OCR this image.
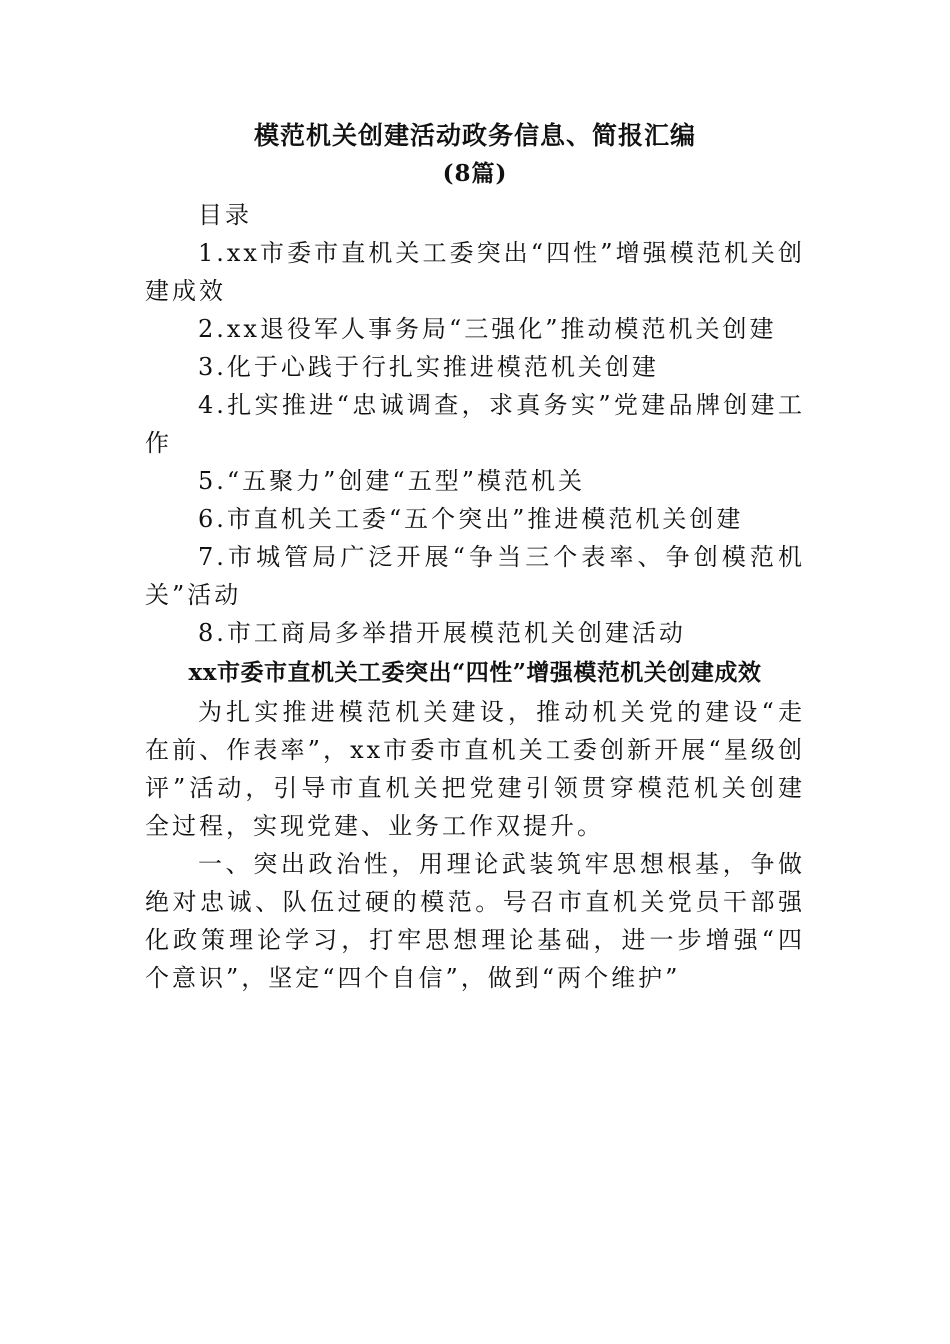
模范机关创建活动政务信息、简报汇编
(8篇)
目录
1.xx市委市直机关工委突出“四性”增强模范机关创建成效
2.xx退役军人事务局“三强化”推动模范机关创建
3.化于心践于行扎实推进模范机关创建
4.扎实推进“忠诚调查，求真务实”党建品牌创建工作
5.“五聚力”创建“五型”模范机关
6.市直机关工委“五个突出”推进模范机关创建
7.市城管局广泛开展“争当三个表率、争创模范机关”活动
8.市工商局多举措开展模范机关创建活动
xx市委市直机关工委突出“四性”增强模范机关创建成效
为扎实推进模范机关建设，推动机关党的建设“走在前、作表率”，xx市委市直机关工委创新开展“星级创评”活动，引导市直机关把党建引领贯穿模范机关创建全过程，实现党建、业务工作双提升。
一、突出政治性，用理论武装筑牢思想根基，争做绝对忠诚、队伍过硬的模范。号召市直机关党员干部强化政策理论学习，打牢思想理论基础，进一步增强“四个意识”，坚定“四个自信”，做到“两个维护”
